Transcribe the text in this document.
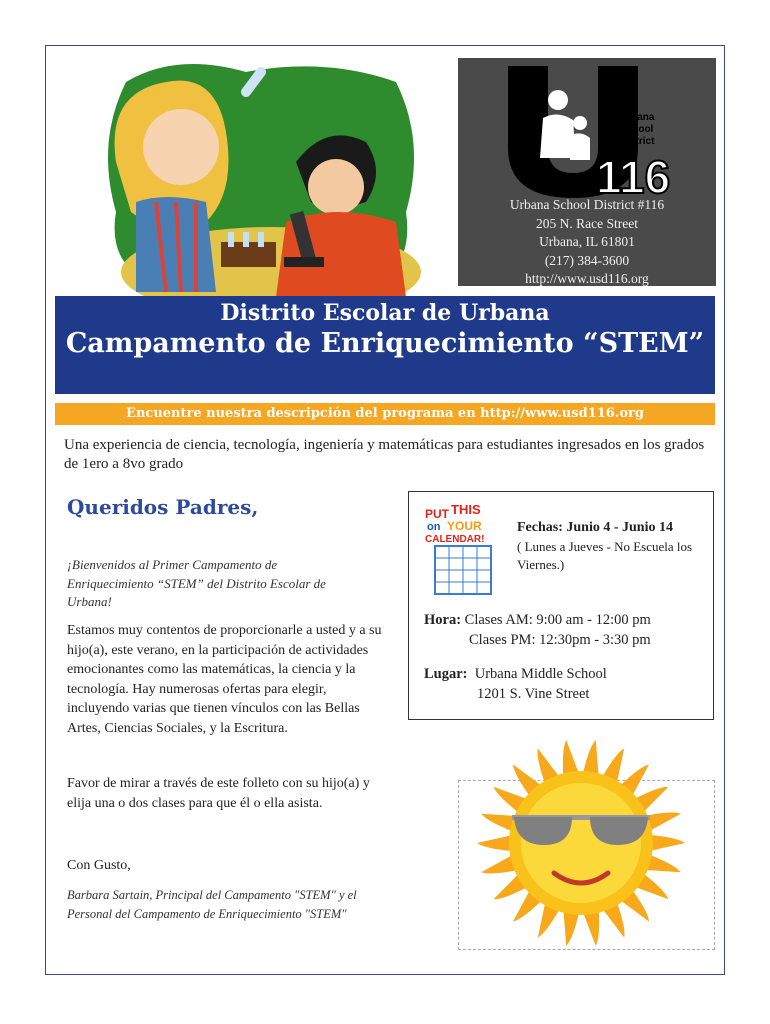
Urbana
School
District
116
Urbana School District #116
205 N. Race Street
Urbana, IL 61801
(217) 384-3600
http://www.usd116.org
Distrito Escolar de Urbana
Campamento de Enriquecimiento “STEM”
Encuentre nuestra descripción del programa en http://www.usd116.org
Una experiencia de ciencia, tecnología, ingeniería y matemáticas para estudiantes ingresados en los grados de 1ero a 8vo grado
Queridos Padres,
¡Bienvenidos al Primer Campamento de Enriquecimiento “STEM” del Distrito Escolar de Urbana!
Estamos muy contentos de proporcionarle a usted y a su hijo(a), este verano, en la participación de actividades emocionantes como las matemáticas, la ciencia y la tecnología. Hay numerosas ofertas para elegir, incluyendo varias que tienen vínculos con las Bellas Artes, Ciencias Sociales, y la Escritura.
Favor de mirar a través de este folleto con su hijo(a) y elija una o dos clases para que él o ella asista.
Con Gusto,
Barbara Sartain, Principal del Campamento "STEM" y el Personal del Campamento de Enriquecimiento "STEM"
PUT THIS
on YOUR
CALENDAR!
Fechas: Junio 4 - Junio 14
( Lunes a Jueves - No Escuela los Viernes.)
Hora: Clases AM: 9:00 am - 12:00 pm
Clases PM: 12:30pm - 3:30 pm
Lugar:  Urbana Middle School
1201 S. Vine Street
